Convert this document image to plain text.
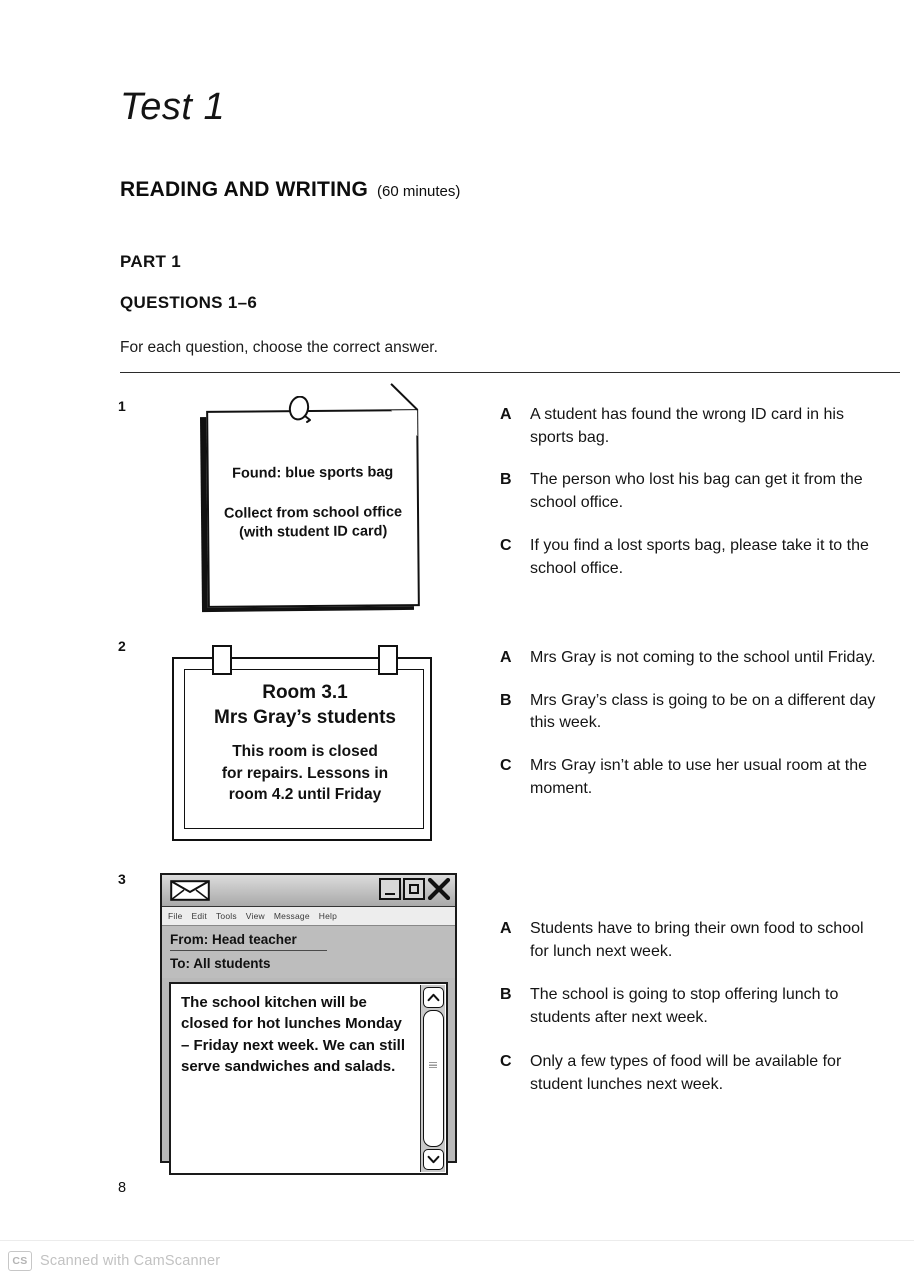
Test 1
READING AND WRITING (60 minutes)
PART 1
QUESTIONS 1–6
For each question, choose the correct answer.
1
Found: blue sports bag
Collect from school office
(with student ID card)
A	A student has found the wrong ID card in his sports bag.
B	The person who lost his bag can get it from the school office.
C	If you find a lost sports bag, please take it to the school office.
2
Room 3.1
Mrs Gray’s students
This room is closed
for repairs. Lessons in
room 4.2 until Friday
A	Mrs Gray is not coming to the school until Friday.
B	Mrs Gray’s class is going to be on a different day this week.
C	Mrs Gray isn’t able to use her usual room at the moment.
3
File Edit Tools View Message Help
From: Head teacher
To: All students
The school kitchen will be closed for hot lunches Monday – Friday next week. We can still serve sandwiches and salads.
A	Students have to bring their own food to school for lunch next week.
B	The school is going to stop offering lunch to students after next week.
C	Only a few types of food will be available for student lunches next week.
8
CS Scanned with CamScanner
